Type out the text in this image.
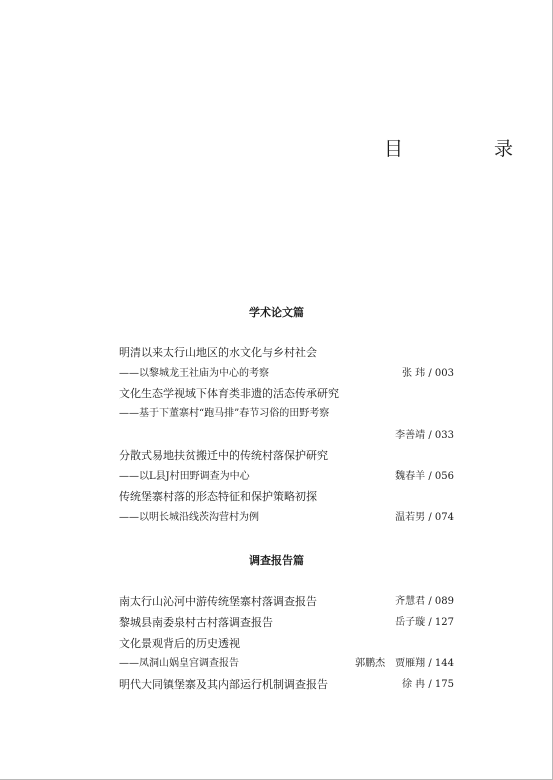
目　录
学术论文篇
明清以来太行山地区的水文化与乡村社会
——以黎城龙王社庙为中心的考察	张 玮 / 003
文化生态学视域下体育类非遗的活态传承研究
——基于下董寨村“跑马排”春节习俗的田野考察
李善靖 / 033
分散式易地扶贫搬迁中的传统村落保护研究
——以L县J村田野调查为中心	魏春羊 / 056
传统堡寨村落的形态特征和保护策略初探
——以明长城沿线茨沟营村为例	温若男 / 074
调查报告篇
南太行山沁河中游传统堡寨村落调查报告	齐慧君 / 089
黎城县南委泉村古村落调查报告	岳子璇 / 127
文化景观背后的历史透视
——凤洞山娲皇宫调查报告	郭鹏杰　贾雁翔 / 144
明代大同镇堡寨及其内部运行机制调查报告	徐 冉 / 175
